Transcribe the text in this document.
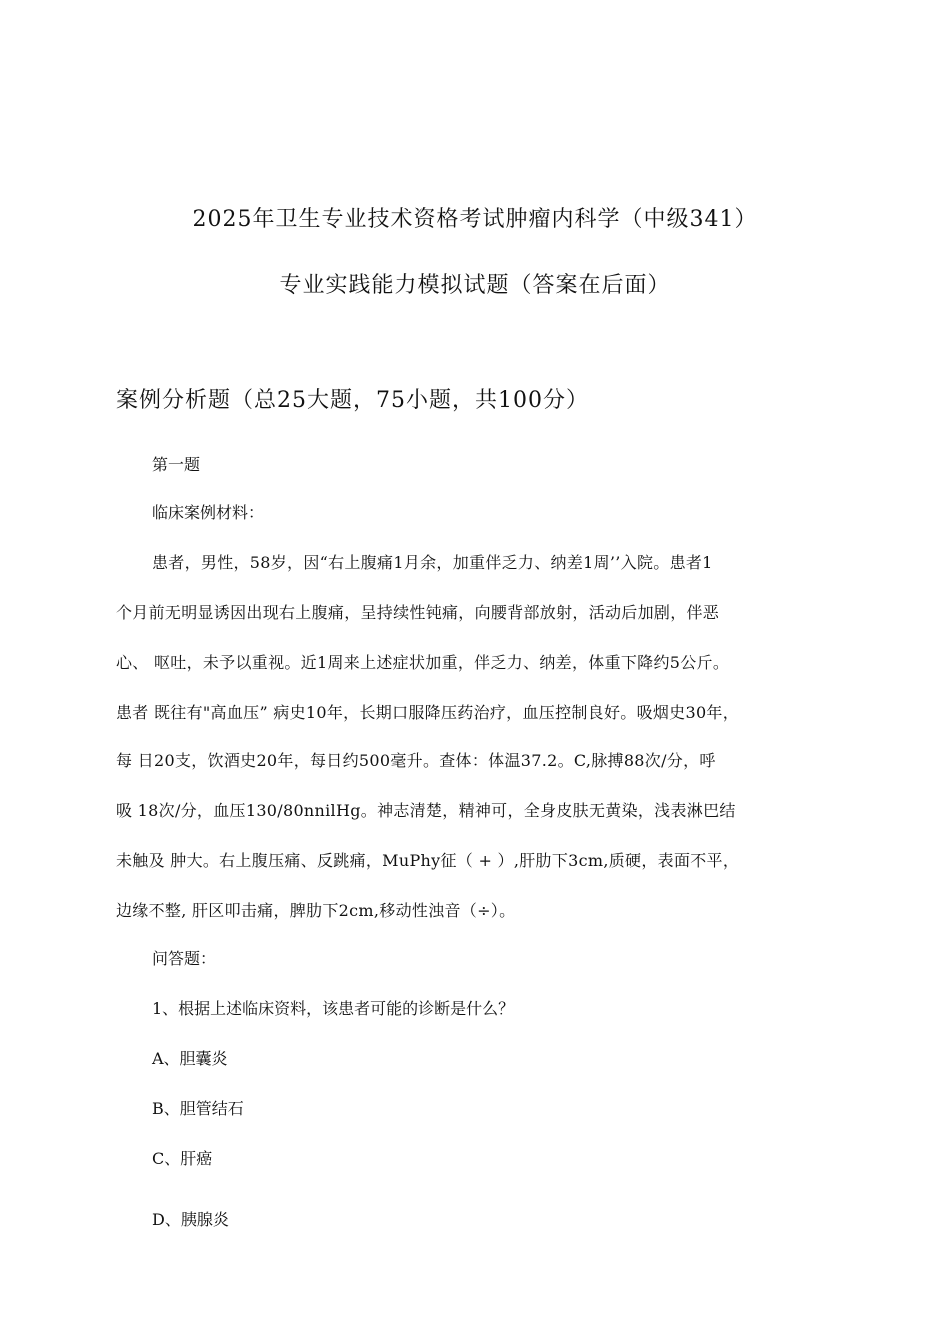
2025年卫生专业技术资格考试肿瘤内科学（中级341）
专业实践能力模拟试题（答案在后面）
案例分析题（总25大题，75小题，共100分）
第一题
临床案例材料：
患者，男性，58岁，因“右上腹痛1月余，加重伴乏力、纳差1周’’入院。患者1
个月前无明显诱因出现右上腹痛，呈持续性钝痛，向腰背部放射，活动后加剧，伴恶
心、 呕吐，未予以重视。近1周来上述症状加重，伴乏力、纳差，体重下降约5公斤。
患者 既往有"高血压” 病史10年，长期口服降压药治疗，血压控制良好。吸烟史30年，
每 日20支，饮酒史20年，每日约500毫升。查体：体温37.2。C,脉搏88次/分，呼
吸 18次/分，血压130/80nnilHg。神志清楚，精神可，全身皮肤无黄染，浅表淋巴结
未触及 肿大。右上腹压痛、反跳痛，MuPhy征（ + ）,肝肋下3cm,质硬，表面不平，
边缘不整, 肝区叩击痛，脾肋下2cm,移动性浊音（÷）。
问答题：
1、根据上述临床资料，该患者可能的诊断是什么？
A、胆囊炎
B、胆管结石
C、肝癌
D、胰腺炎
